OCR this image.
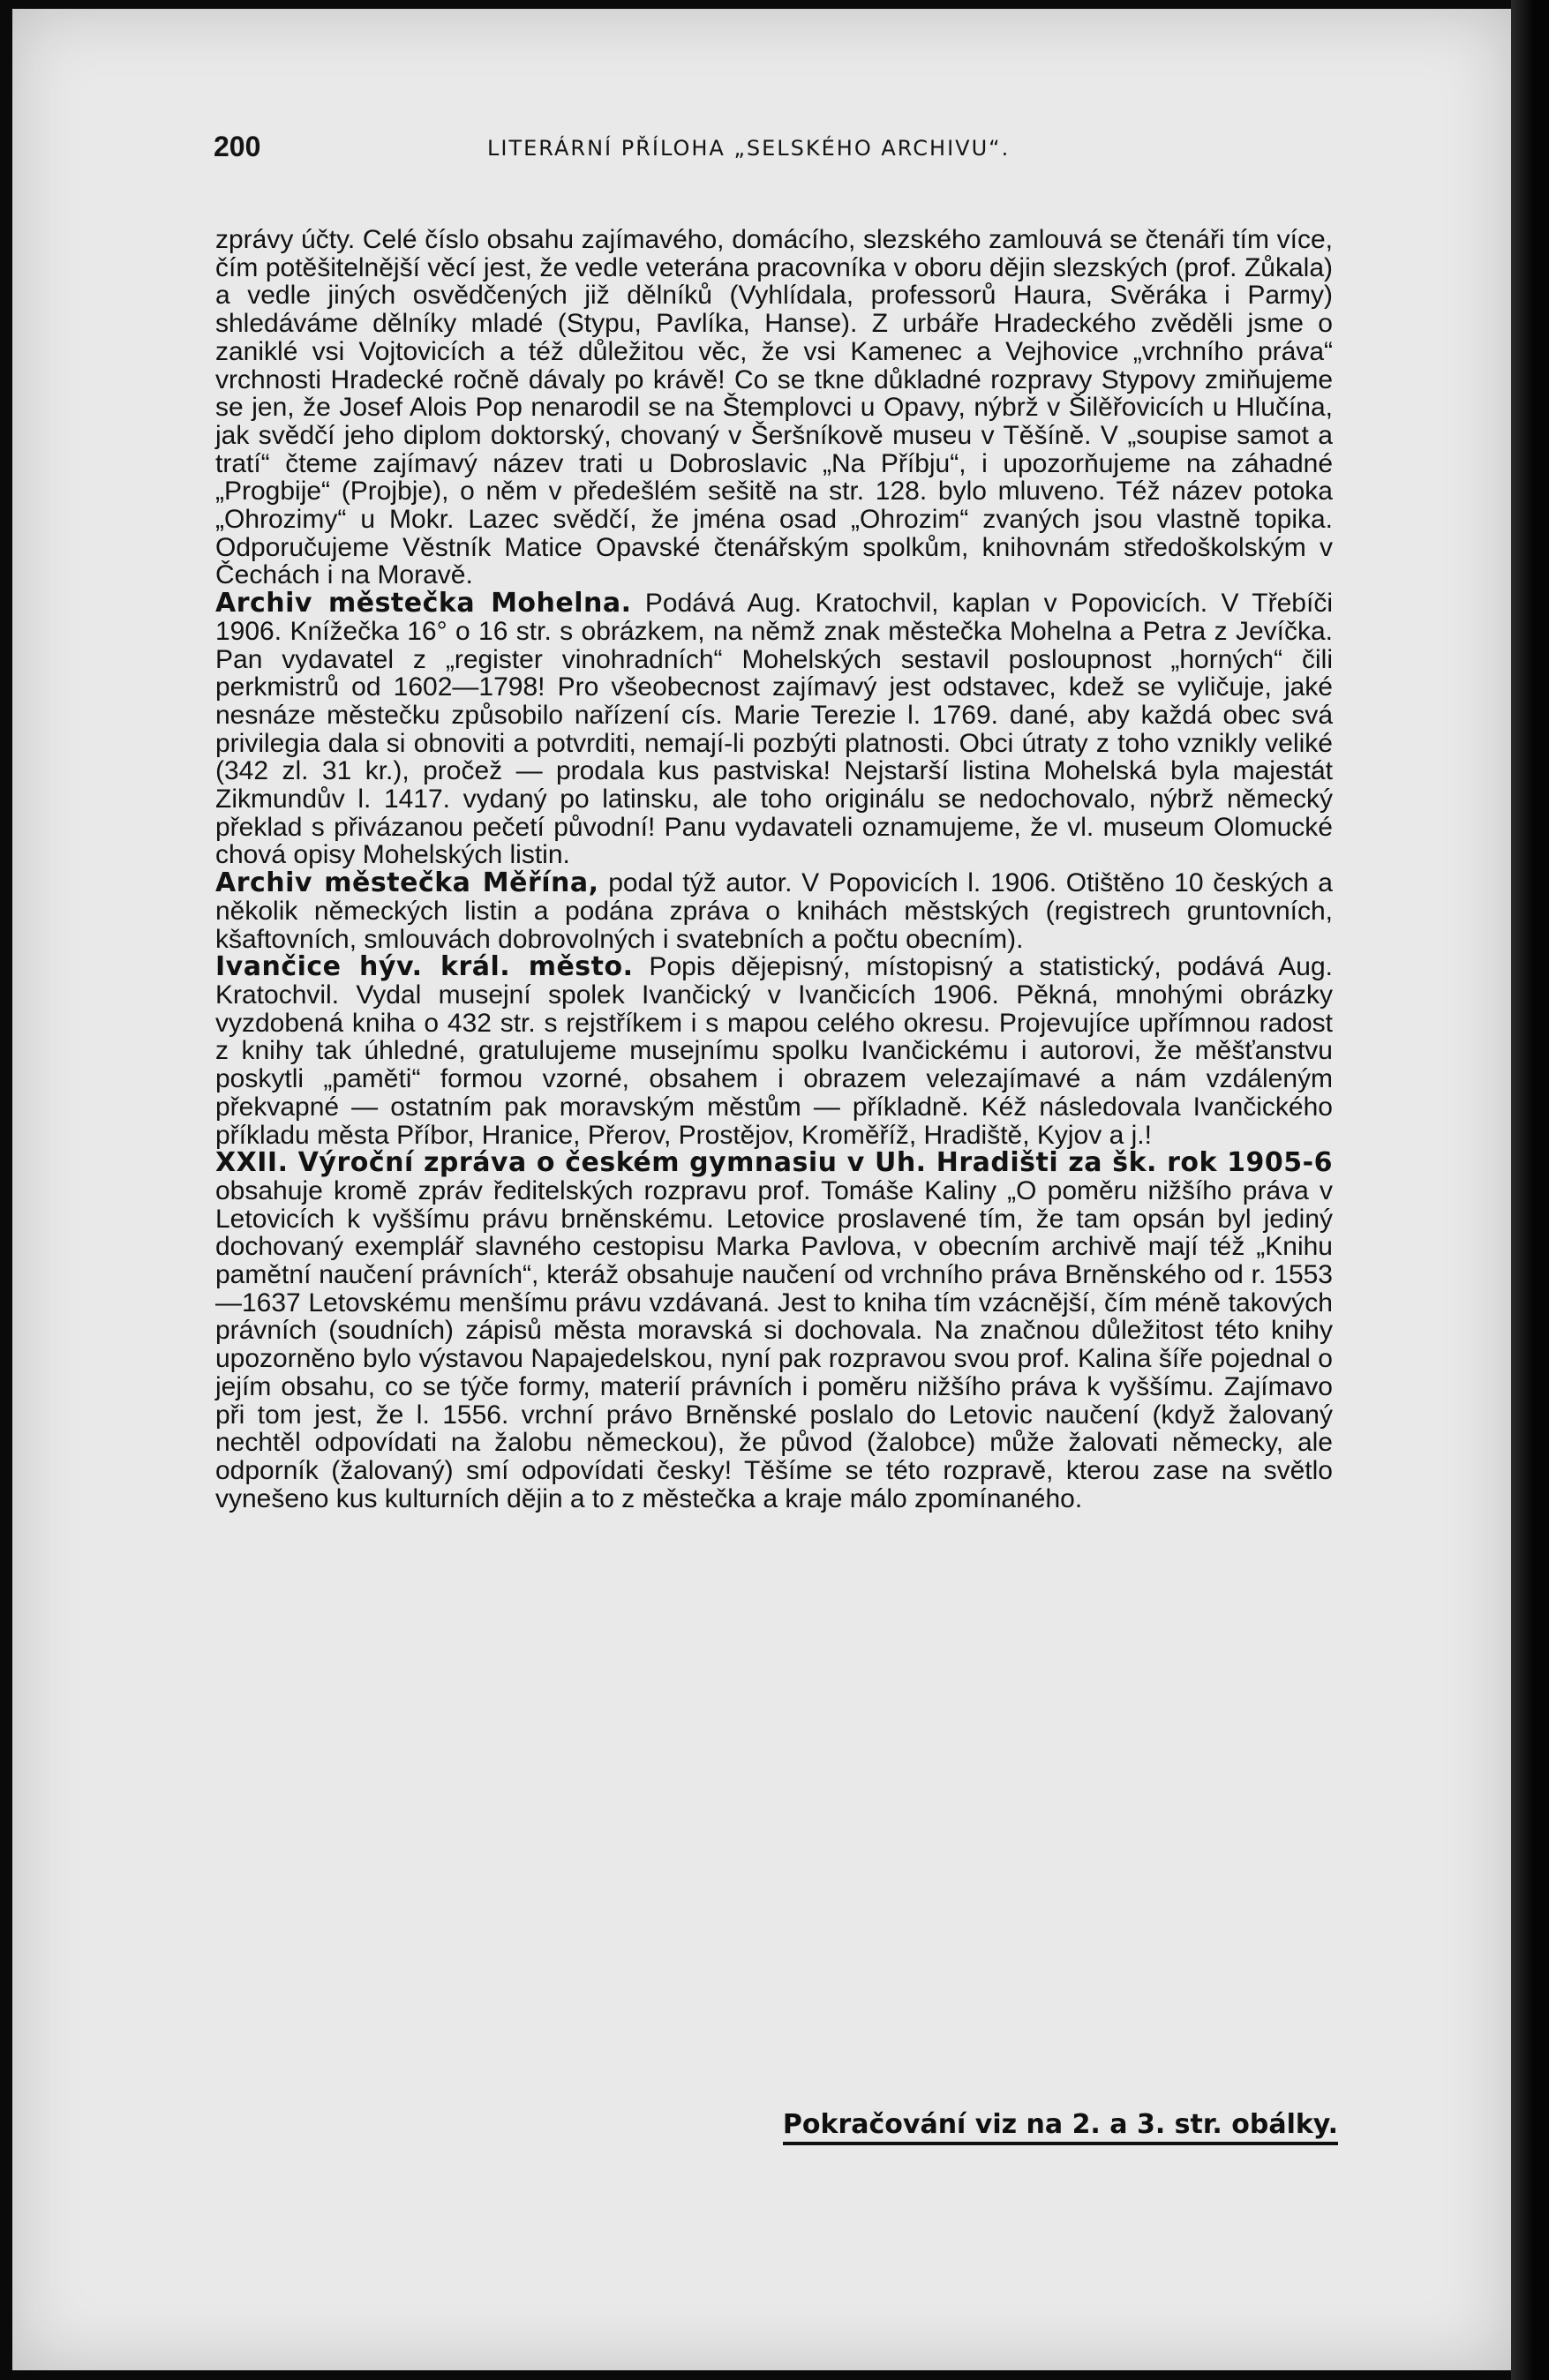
200	LITERÁRNÍ PŘÍLOHA „SELSKÉHO ARCHIVU“.

zprávy účty. Celé číslo obsahu zajímavého, domácího, slezského zamlouvá se čtenáři tím více, čím potěšitelnější věcí jest, že vedle veterána pracovníka v oboru dějin slezských (prof. Zůkala) a vedle jiných osvědčených již dělníků (Vyhlídala, professorů Haura, Svěráka i Parmy) shledáváme dělníky mladé (Stypu, Pavlíka, Hanse). Z urbáře Hradeckého zvěděli jsme o zaniklé vsi Vojtovicích a též důležitou věc, že vsi Kamenec a Vejhovice „vrchního práva“ vrchnosti Hradecké ročně dávaly po krávě! Co se tkne důkladné rozpravy Stypovy zmiňujeme se jen, že Josef Alois Pop nenarodil se na Štemplovci u Opavy, nýbrž v Šilěřovicích u Hlučína, jak svědčí jeho diplom doktorský, chovaný v Šeršníkově museu v Těšíně. V „soupise samot a tratí“ čteme zajímavý název trati u Dobroslavic „Na Příbju“, i upozorňujeme na záhadné „Progbije“ (Projbje), o něm v předešlém sešitě na str. 128. bylo mluveno. Též název potoka „Ohrozimy“ u Mokr. Lazec svědčí, že jména osad „Ohrozim“ zvaných jsou vlastně topika. Odporučujeme Věstník Matice Opavské čtenářským spolkům, knihovnám středoškolským v Čechách i na Moravě.

Archiv městečka Mohelna. Podává Aug. Kratochvil, kaplan v Popovicích. V Třebíči 1906. Knížečka 16° o 16 str. s obrázkem, na němž znak městečka Mohelna a Petra z Jevíčka. Pan vydavatel z „register vinohradních“ Mohelských sestavil posloupnost „horných“ čili perkmistrů od 1602—1798! Pro všeobecnost zajímavý jest odstavec, kdež se vyličuje, jaké nesnáze městečku způsobilo nařízení cís. Marie Terezie l. 1769. dané, aby každá obec svá privilegia dala si obnoviti a potvrditi, nemají-li pozbýti platnosti. Obci útraty z toho vznikly veliké (342 zl. 31 kr.), pročež — prodala kus pastviska! Nejstarší listina Mohelská byla majestát Zikmundův l. 1417. vydaný po latinsku, ale toho originálu se nedochovalo, nýbrž německý překlad s přivázanou pečetí původní! Panu vydavateli oznamujeme, že vl. museum Olomucké chová opisy Mohelských listin.

Archiv městečka Měřína, podal týž autor. V Popovicích l. 1906. Otištěno 10 českých a několik německých listin a podána zpráva o knihách městských (registrech gruntovních, kšaftovních, smlouvách dobrovolných i svatebních a počtu obecním).

Ivančice hýv. král. město. Popis dějepisný, místopisný a statistický, podává Aug. Kratochvil. Vydal musejní spolek Ivančický v Ivančicích 1906. Pěkná, mnohými obrázky vyzdobená kniha o 432 str. s rejstříkem i s mapou celého okresu. Projevujíce upřímnou radost z knihy tak úhledné, gratulujeme musejnímu spolku Ivančickému i autorovi, že měšťanstvu poskytli „paměti“ formou vzorné, obsahem i obrazem velezajímavé a nám vzdáleným překvapné — ostatním pak moravským městům — příkladně. Kéž následovala Ivančického příkladu města Příbor, Hranice, Přerov, Prostějov, Kroměříž, Hradiště, Kyjov a j.!

XXII. Výroční zpráva o českém gymnasiu v Uh. Hradišti za šk. rok 1905-6 obsahuje kromě zpráv ředitelských rozpravu prof. Tomáše Kaliny „O poměru nižšího práva v Letovicích k vyššímu právu brněnskému. Letovice proslavené tím, že tam opsán byl jediný dochovaný exemplář slavného cestopisu Marka Pavlova, v obecním archivě mají též „Knihu pamětní naučení právních“, kteráž obsahuje naučení od vrchního práva Brněnského od r. 1553—1637 Letovskému menšímu právu vzdávaná. Jest to kniha tím vzácnější, čím méně takových právních (soudních) zápisů města moravská si dochovala. Na značnou důležitost této knihy upozorněno bylo výstavou Napajedelskou, nyní pak rozpravou svou prof. Kalina šíře pojednal o jejím obsahu, co se týče formy, materií právních i poměru nižšího práva k vyššímu. Zajímavo při tom jest, že l. 1556. vrchní právo Brněnské poslalo do Letovic naučení (když žalovaný nechtěl odpovídati na žalobu německou), že původ (žalobce) může žalovati německy, ale odporník (žalovaný) smí odpovídati česky! Těšíme se této rozpravě, kterou zase na světlo vynešeno kus kulturních dějin a to z městečka a kraje málo zpomínaného.

Pokračování viz na 2. a 3. str. obálky.
